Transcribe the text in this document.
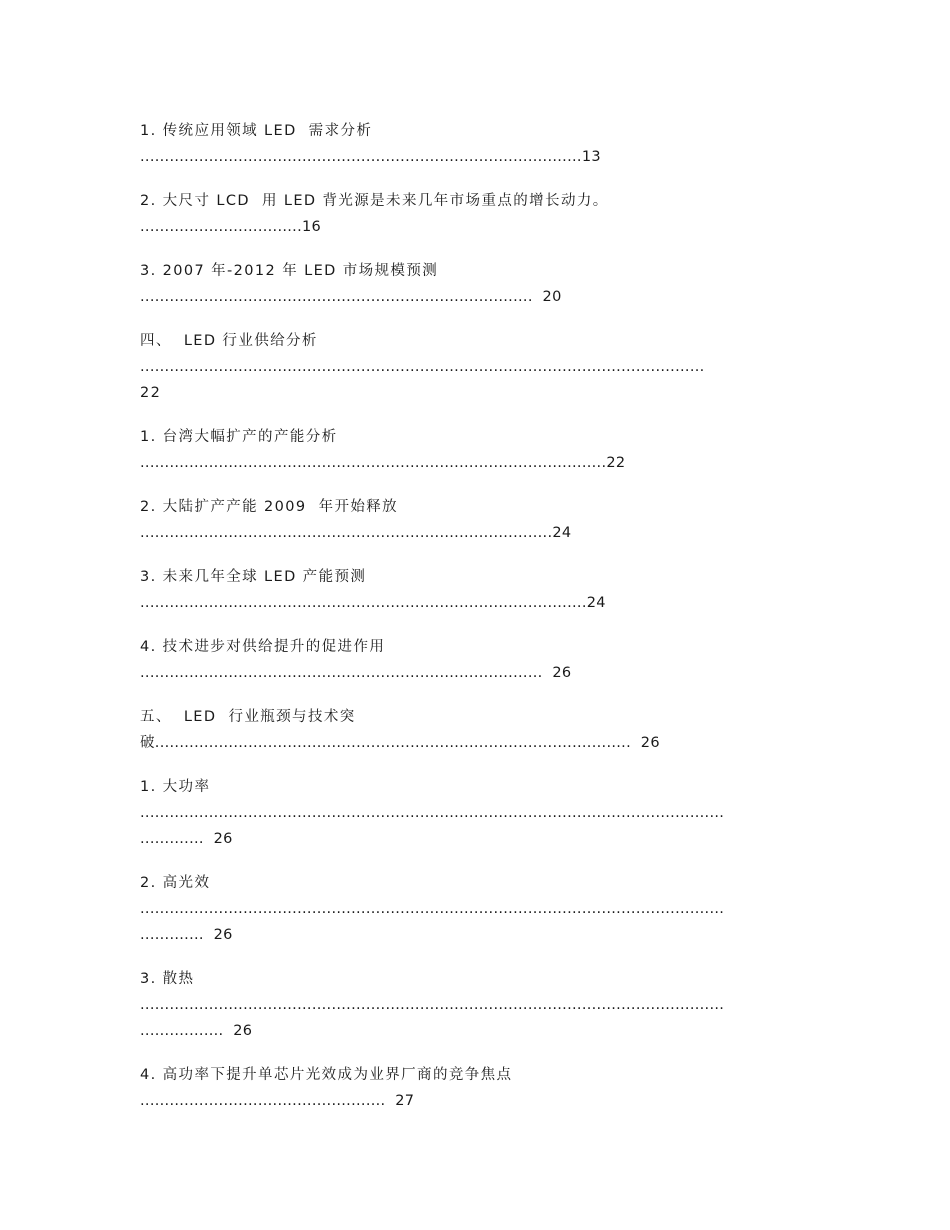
1. 传统应用领域 LED  需求分析
..........................................................................................13
2. 大尺寸 LCD  用 LED 背光源是未来几年市场重点的增长动力。
.................................16
3. 2007 年-2012 年 LED 市场规模预测
................................................................................  20
四、  LED 行业供给分析
...................................................................................................................
22
1. 台湾大幅扩产的产能分析
...............................................................................................22
2. 大陆扩产产能 2009  年开始释放
....................................................................................24
3. 未来几年全球 LED 产能预测
...........................................................................................24
4. 技术进步对供给提升的促进作用
..................................................................................  26
五、  LED  行业瓶颈与技术突
破.................................................................................................  26
1. 大功率
.......................................................................................................................
.............  26
2. 高光效
.......................................................................................................................
.............  26
3. 散热
.......................................................................................................................
.................  26
4. 高功率下提升单芯片光效成为业界厂商的竞争焦点
..................................................  27
